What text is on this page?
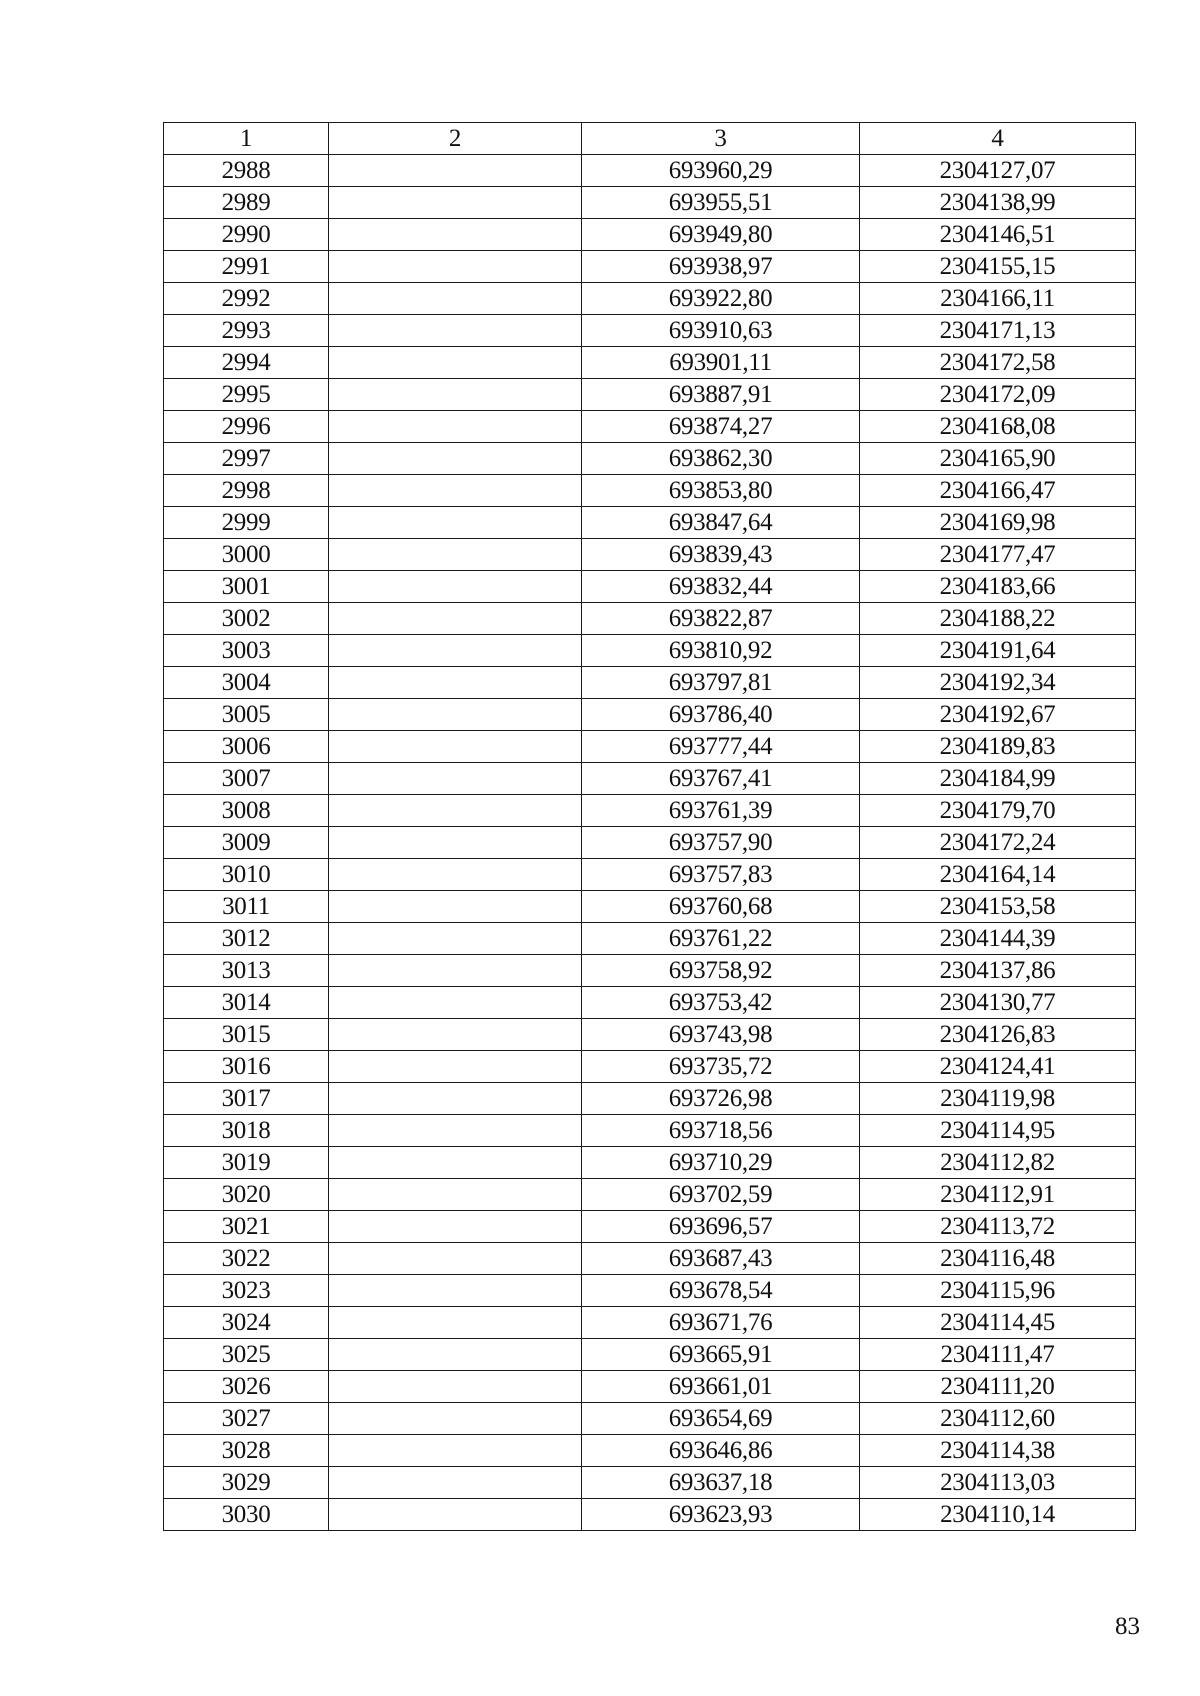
1	2	3	4
2988		693960,29	2304127,07
2989		693955,51	2304138,99
2990		693949,80	2304146,51
2991		693938,97	2304155,15
2992		693922,80	2304166,11
2993		693910,63	2304171,13
2994		693901,11	2304172,58
2995		693887,91	2304172,09
2996		693874,27	2304168,08
2997		693862,30	2304165,90
2998		693853,80	2304166,47
2999		693847,64	2304169,98
3000		693839,43	2304177,47
3001		693832,44	2304183,66
3002		693822,87	2304188,22
3003		693810,92	2304191,64
3004		693797,81	2304192,34
3005		693786,40	2304192,67
3006		693777,44	2304189,83
3007		693767,41	2304184,99
3008		693761,39	2304179,70
3009		693757,90	2304172,24
3010		693757,83	2304164,14
3011		693760,68	2304153,58
3012		693761,22	2304144,39
3013		693758,92	2304137,86
3014		693753,42	2304130,77
3015		693743,98	2304126,83
3016		693735,72	2304124,41
3017		693726,98	2304119,98
3018		693718,56	2304114,95
3019		693710,29	2304112,82
3020		693702,59	2304112,91
3021		693696,57	2304113,72
3022		693687,43	2304116,48
3023		693678,54	2304115,96
3024		693671,76	2304114,45
3025		693665,91	2304111,47
3026		693661,01	2304111,20
3027		693654,69	2304112,60
3028		693646,86	2304114,38
3029		693637,18	2304113,03
3030		693623,93	2304110,14
83
